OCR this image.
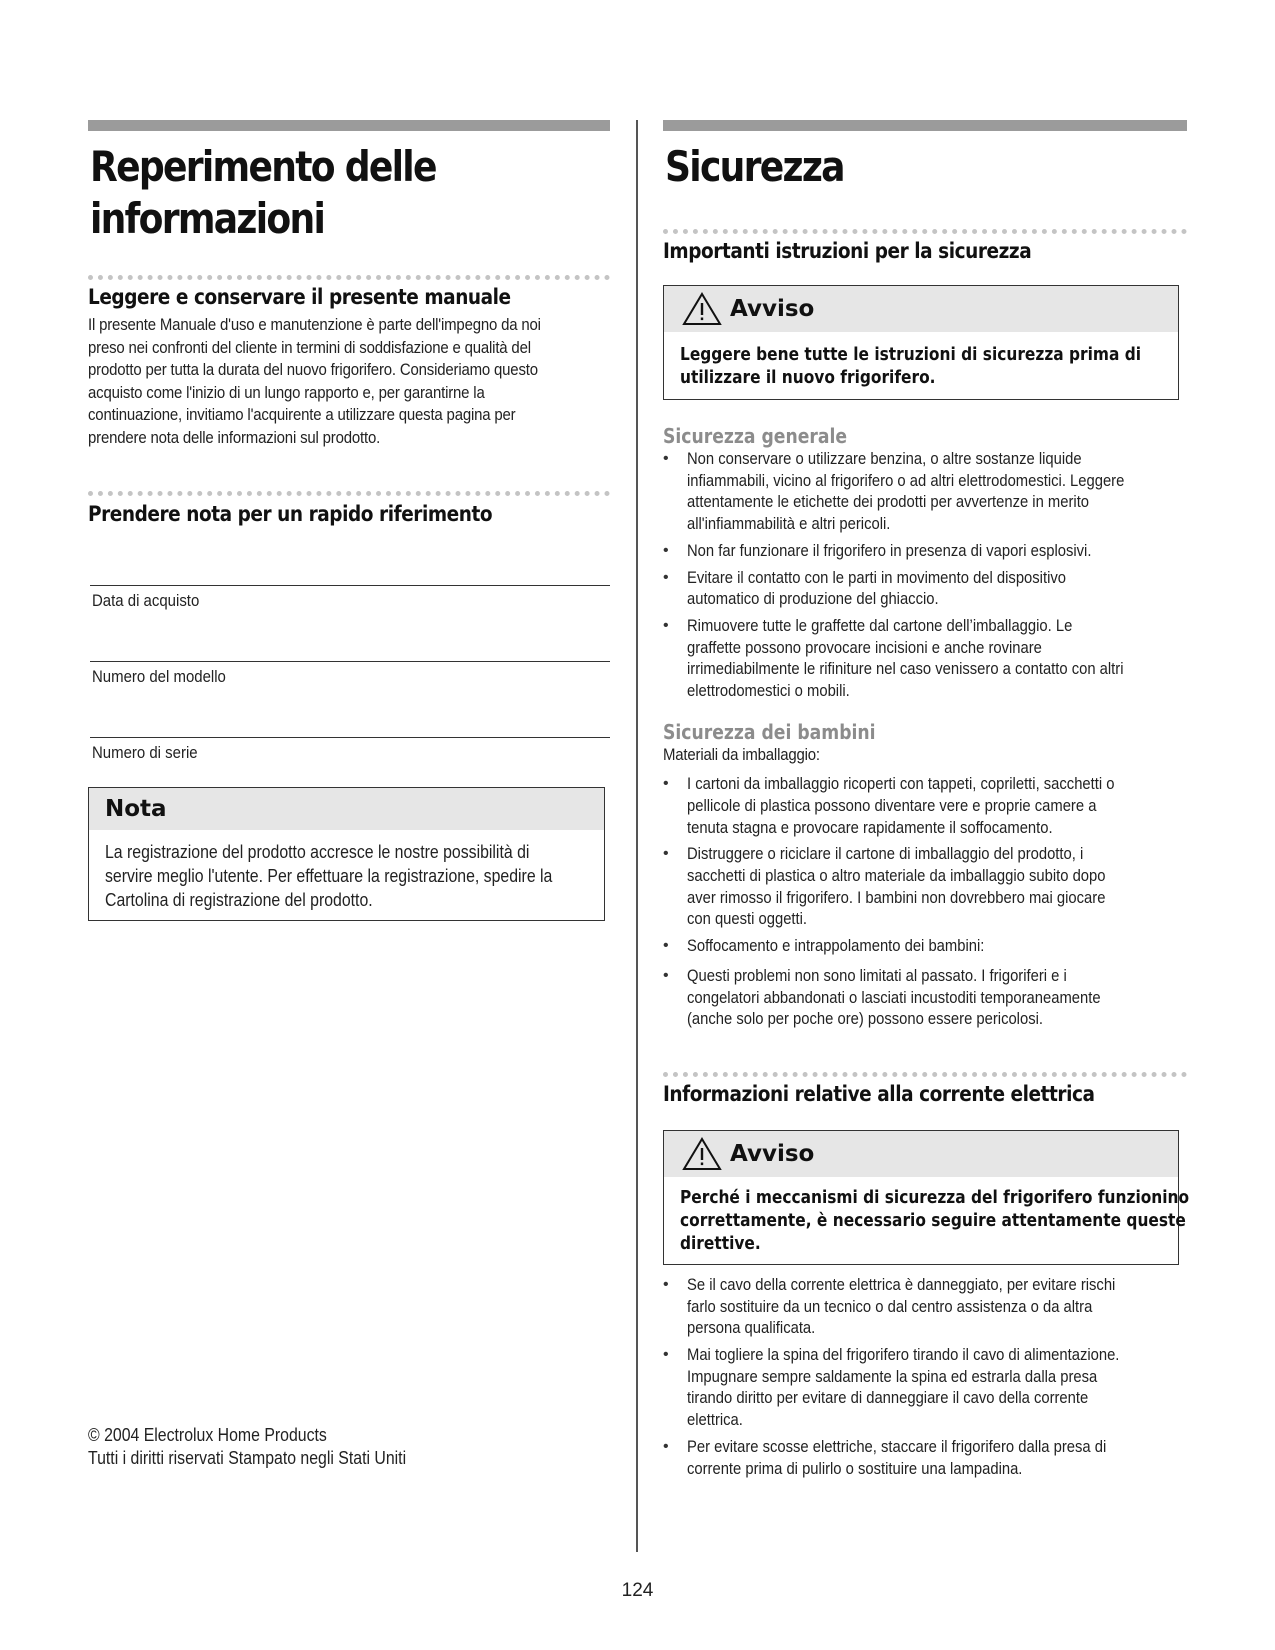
Reperimento delle
informazioni
Leggere e conservare il presente manuale

Il presente Manuale d'uso e manutenzione è parte dell'impegno da noi

preso nei confronti del cliente in termini di soddisfazione e qualità del

prodotto per tutta la durata del nuovo frigorifero. Consideriamo questo

acquisto come l'inizio di un lungo rapporto e, per garantirne la

continuazione, invitiamo l'acquirente a utilizzare questa pagina per

prendere nota delle informazioni sul prodotto.

Prendere nota per un rapido riferimento
Data di acquisto
Numero del modello
Numero di serie
Nota

La registrazione del prodotto accresce le nostre possibilità di

servire meglio l'utente. Per effettuare la registrazione, spedire la

Cartolina di registrazione del prodotto.

© 2004 Electrolux Home Products

Tutti i diritti riservati Stampato negli Stati Uniti

Sicurezza
Importanti istruzioni per la sicurezza
Avviso

Leggere bene tutte le istruzioni di sicurezza prima di

utilizzare il nuovo frigorifero.

Sicurezza generale

• Non conservare o utilizzare benzina, o altre sostanze liquide

infiammabili, vicino al frigorifero o ad altri elettrodomestici. Leggere

attentamente le etichette dei prodotti per avvertenze in merito

all'infiammabilità e altri pericoli.

• Non far funzionare il frigorifero in presenza di vapori esplosivi.

• Evitare il contatto con le parti in movimento del dispositivo

automatico di produzione del ghiaccio.

• Rimuovere tutte le graffette dal cartone dell’imballaggio. Le

graffette possono provocare incisioni e anche rovinare

irrimediabilmente le rifiniture nel caso venissero a contatto con altri

elettrodomestici o mobili.

Sicurezza dei bambini

Materiali da imballaggio:

• I cartoni da imballaggio ricoperti con tappeti, copriletti, sacchetti o

pellicole di plastica possono diventare vere e proprie camere a

tenuta stagna e provocare rapidamente il soffocamento.

• Distruggere o riciclare il cartone di imballaggio del prodotto, i

sacchetti di plastica o altro materiale da imballaggio subito dopo

aver rimosso il frigorifero. I bambini non dovrebbero mai giocare

con questi oggetti.

• Soffocamento e intrappolamento dei bambini:

• Questi problemi non sono limitati al passato. I frigoriferi e i

congelatori abbandonati o lasciati incustoditi temporaneamente

(anche solo per poche ore) possono essere pericolosi.

Informazioni relative alla corrente elettrica
Avviso

Perché i meccanismi di sicurezza del frigorifero funzionino

correttamente, è necessario seguire attentamente queste

direttive.

• Se il cavo della corrente elettrica è danneggiato, per evitare rischi

farlo sostituire da un tecnico o dal centro assistenza o da altra

persona qualificata.

• Mai togliere la spina del frigorifero tirando il cavo di alimentazione.

Impugnare sempre saldamente la spina ed estrarla dalla presa

tirando diritto per evitare di danneggiare il cavo della corrente

elettrica.

• Per evitare scosse elettriche, staccare il frigorifero dalla presa di

corrente prima di pulirlo o sostituire una lampadina.

124
